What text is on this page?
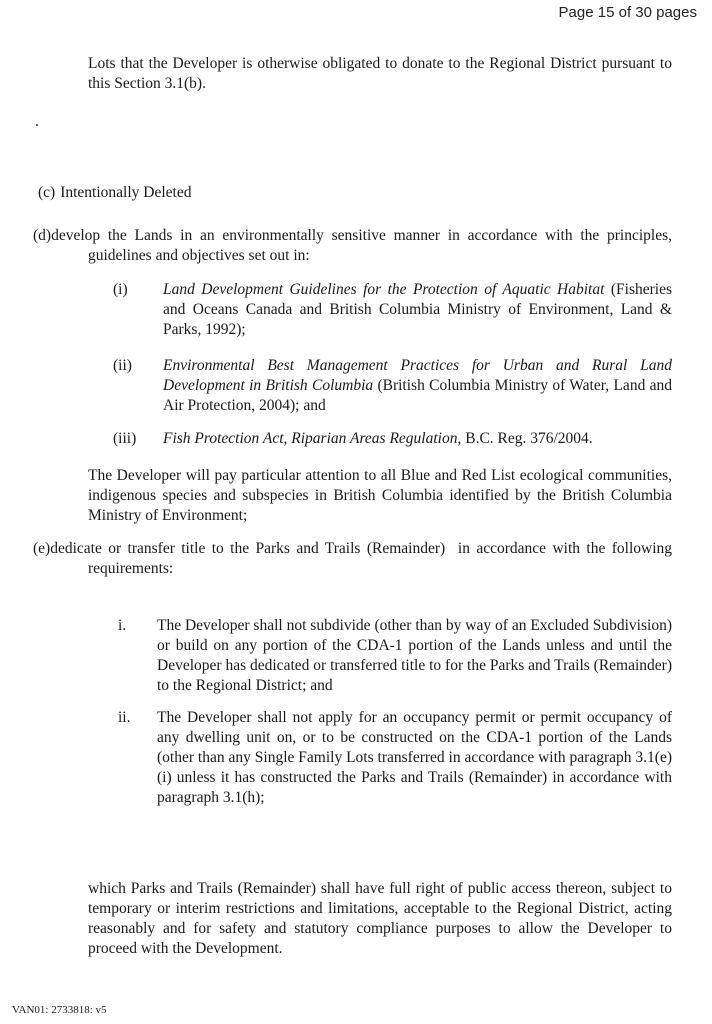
Page 15 of 30 pages
Lots that the Developer is otherwise obligated to donate to the Regional District pursuant to this Section 3.1(b).
.
(c) Intentionally Deleted
(d)develop the Lands in an environmentally sensitive manner in accordance with the principles, guidelines and objectives set out in:
(i)	Land Development Guidelines for the Protection of Aquatic Habitat (Fisheries and Oceans Canada and British Columbia Ministry of Environment, Land & Parks, 1992);
(ii)	Environmental Best Management Practices for Urban and Rural Land Development in British Columbia (British Columbia Ministry of Water, Land and Air Protection, 2004); and
(iii)	Fish Protection Act, Riparian Areas Regulation, B.C. Reg. 376/2004.
The Developer will pay particular attention to all Blue and Red List ecological communities, indigenous species and subspecies in British Columbia identified by the British Columbia Ministry of Environment;
(e)dedicate or transfer title to the Parks and Trails (Remainder)  in accordance with the following requirements:
i.	The Developer shall not subdivide (other than by way of an Excluded Subdivision) or build on any portion of the CDA-1 portion of the Lands unless and until the Developer has dedicated or transferred title to for the Parks and Trails (Remainder) to the Regional District; and
ii.	The Developer shall not apply for an occupancy permit or permit occupancy of any dwelling unit on, or to be constructed on the CDA-1 portion of the Lands (other than any Single Family Lots transferred in accordance with paragraph 3.1(e)(i) unless it has constructed the Parks and Trails (Remainder) in accordance with paragraph 3.1(h);
which Parks and Trails (Remainder) shall have full right of public access thereon, subject to temporary or interim restrictions and limitations, acceptable to the Regional District, acting reasonably and for safety and statutory compliance purposes to allow the Developer to proceed with the Development.
VAN01: 2733818: v5
